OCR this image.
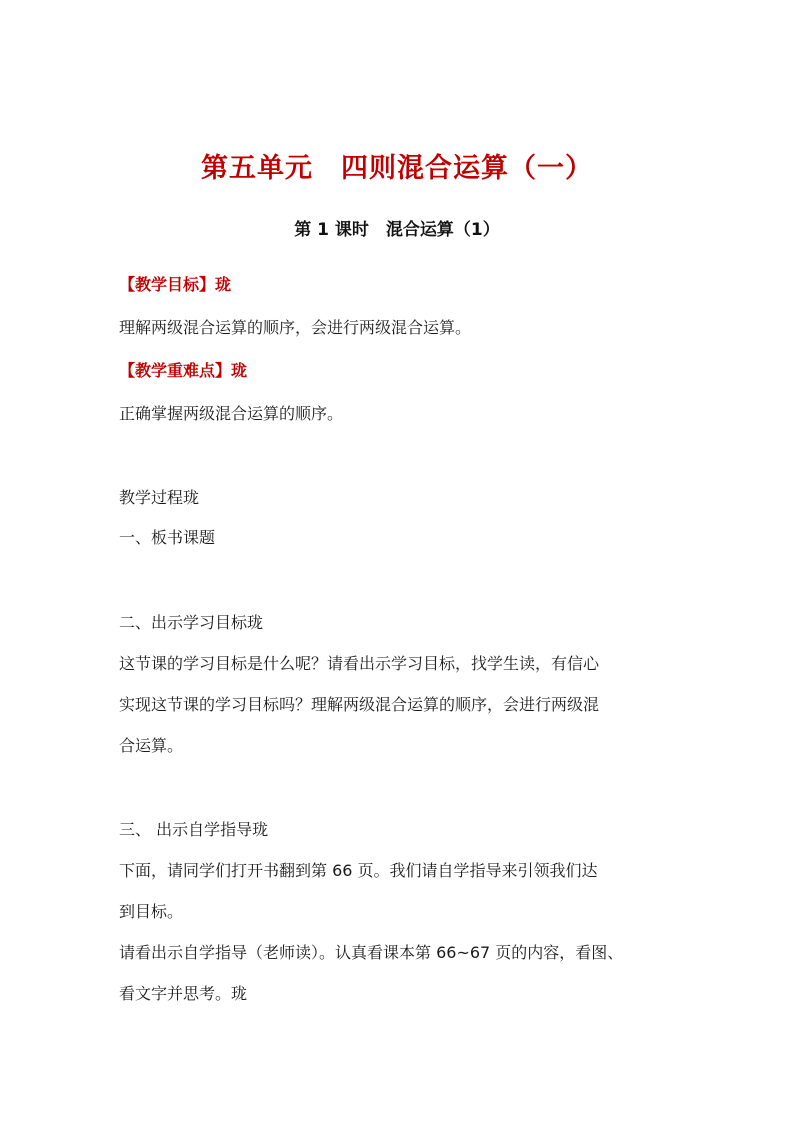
第五单元　四则混合运算（一）
第 1 课时　混合运算（1）
【教学目标】珑
理解两级混合运算的顺序，会进行两级混合运算。
【教学重难点】珑
正确掌握两级混合运算的顺序。
教学过程珑
一、板书课题
二、出示学习目标珑
这节课的学习目标是什么呢？请看出示学习目标，找学生读，有信心
实现这节课的学习目标吗？理解两级混合运算的顺序，会进行两级混
合运算。
三、 出示自学指导珑
下面，请同学们打开书翻到第 66 页。我们请自学指导来引领我们达
到目标。
请看出示自学指导（老师读）。认真看课本第 66~67 页的内容，看图、
看文字并思考。珑
